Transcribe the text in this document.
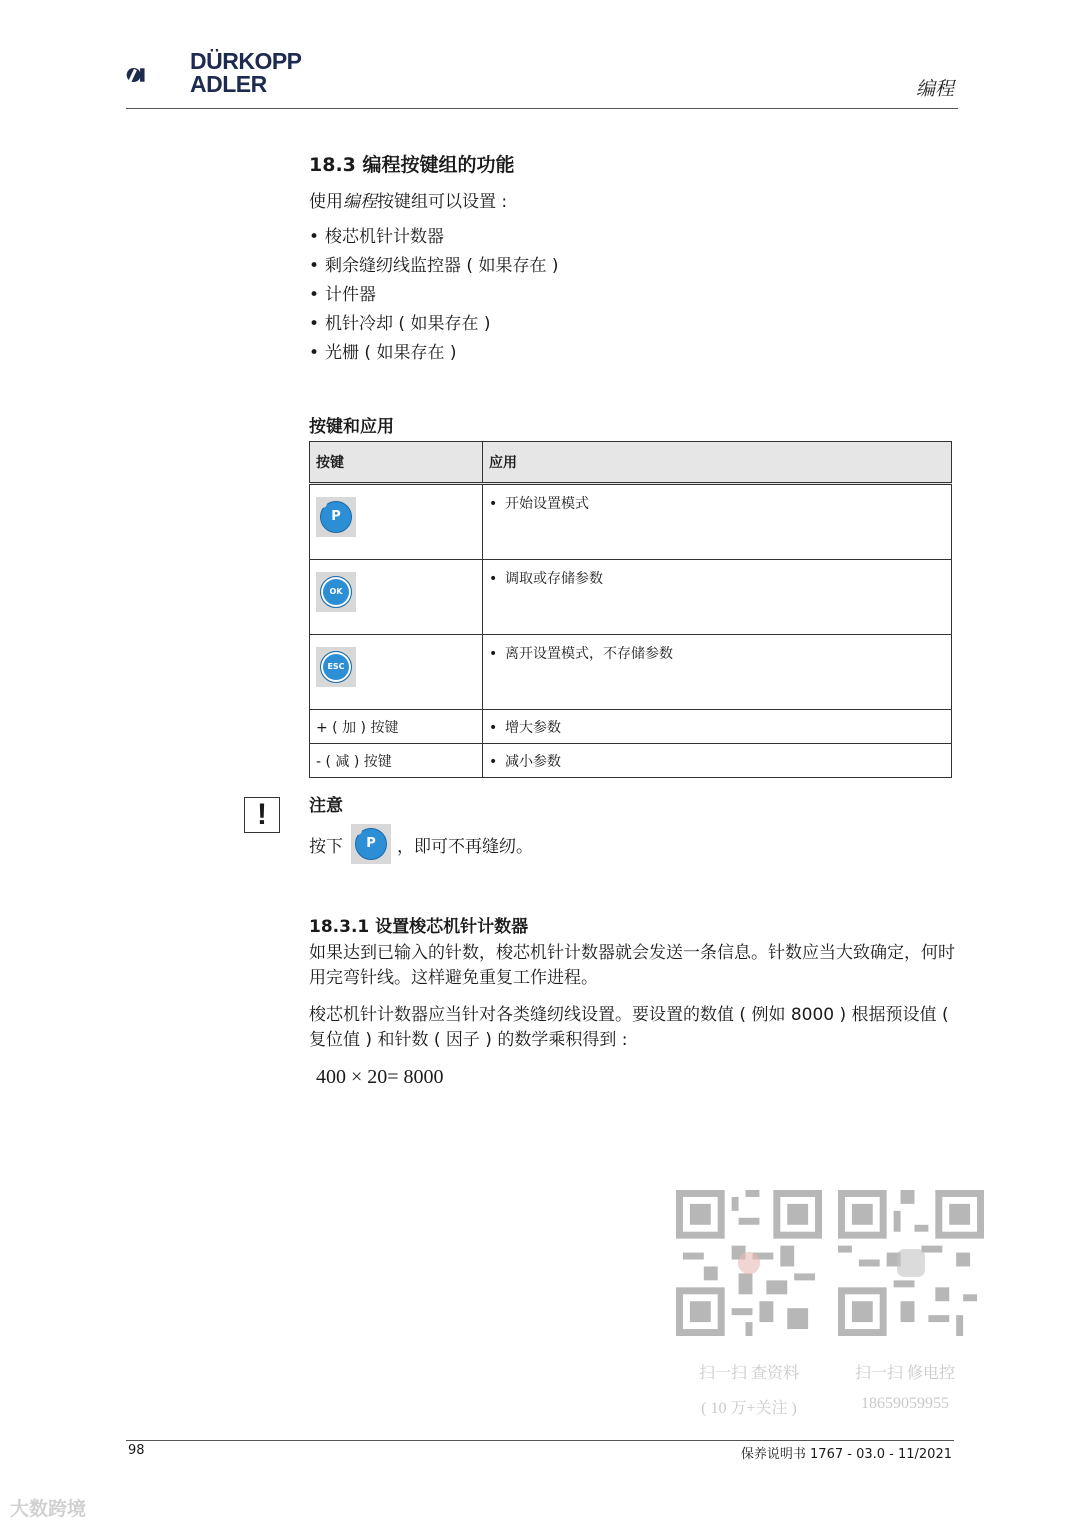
DÜRKOPP
ADLER	编程
18.3 编程按键组的功能
使用编程按键组可以设置 :
• 梭芯机针计数器
• 剩余缝纫线监控器 ( 如果存在 )
• 计件器
• 机针冷却 ( 如果存在 )
• 光栅 ( 如果存在 )
按键和应用
按键	应用

P	• 开始设置模式

OK	• 调取或存储参数

ESC	• 离开设置模式，不存储参数
+ ( 加 ) 按键	• 增大参数
- ( 减 ) 按键	• 减小参数
!	注意
按下	P	，即可不再缝纫。
18.3.1 设置梭芯机针计数器
如果达到已输入的针数，梭芯机针计数器就会发送一条信息。针数应当大致确定，何时用完弯针线。这样避免重复工作进程。
梭芯机针计数器应当针对各类缝纫线设置。要设置的数值 ( 例如 8000 ) 根据预设值 ( 复位值 ) 和针数 ( 因子 ) 的数学乘积得到 :
400 × 20= 8000
扫一扫 查资料
( 10 万+关注 )
扫一扫 修电控
18659059955
98	保养说明书 1767 - 03.0 - 11/2021
大数跨境
